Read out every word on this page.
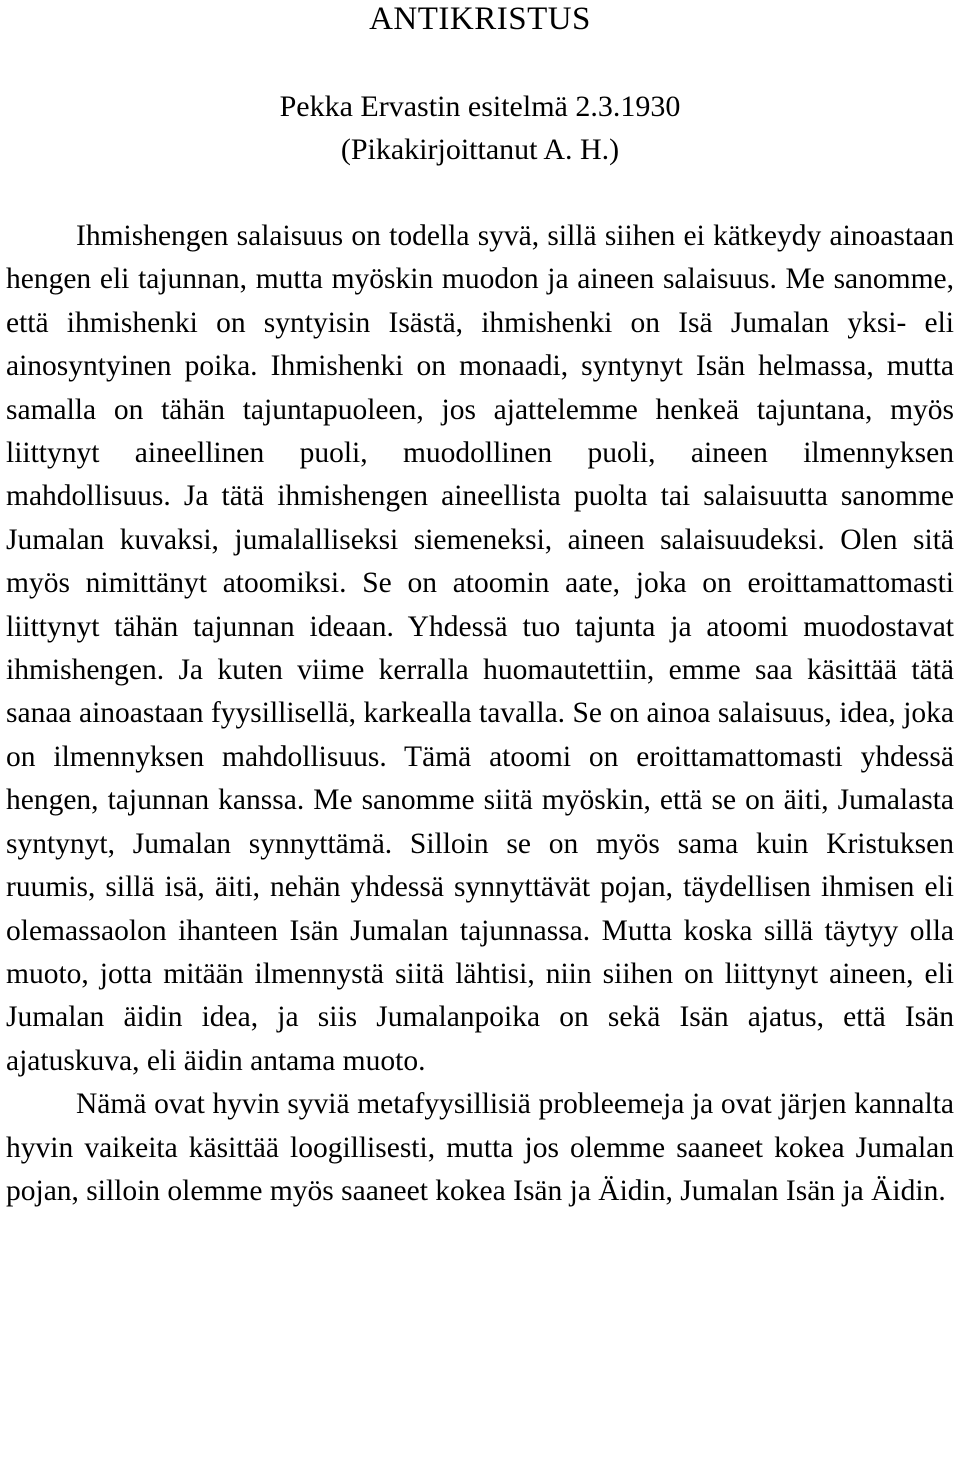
ANTIKRISTUS
Pekka Ervastin esitelmä 2.3.1930
(Pikakirjoittanut A. H.)

Ihmishengen salaisuus on todella syvä, sillä siihen ei kätkeydy ainoastaan hengen eli tajunnan, mutta myöskin muodon ja aineen salaisuus. Me sanomme, että ihmishenki on syntyisin Isästä, ihmishenki on Isä Jumalan yksi- eli ainosyntyinen poika. Ihmishenki on monaadi, syntynyt Isän helmassa, mutta samalla on tähän tajuntapuoleen, jos ajattelemme henkeä tajuntana, myös liittynyt aineellinen puoli, muodollinen puoli, aineen ilmennyksen mahdollisuus. Ja tätä ihmishengen aineellista puolta tai salaisuutta sanomme Jumalan kuvaksi, jumalalliseksi siemeneksi, aineen salaisuudeksi. Olen sitä myös nimittänyt atoomiksi. Se on atoomin aate, joka on eroittamattomasti liittynyt tähän tajunnan ideaan. Yhdessä tuo tajunta ja atoomi muodostavat ihmishengen. Ja kuten viime kerralla huomautettiin, emme saa käsittää tätä sanaa ainoastaan fyysillisellä, karkealla tavalla. Se on ainoa salaisuus, idea, joka on ilmennyksen mahdollisuus. Tämä atoomi on eroittamattomasti yhdessä hengen, tajunnan kanssa. Me sanomme siitä myöskin, että se on äiti, Jumalasta syntynyt, Jumalan synnyttämä. Silloin se on myös sama kuin Kristuksen ruumis, sillä isä, äiti, nehän yhdessä synnyttävät pojan, täydellisen ihmisen eli olemassaolon ihanteen Isän Jumalan tajunnassa. Mutta koska sillä täytyy olla muoto, jotta mitään ilmennystä siitä lähtisi, niin siihen on liittynyt aineen, eli Jumalan äidin idea, ja siis Jumalanpoika on sekä Isän ajatus, että Isän ajatuskuva, eli äidin antama muoto.

Nämä ovat hyvin syviä metafyysillisiä probleemeja ja ovat järjen kannalta hyvin vaikeita käsittää loogillisesti, mutta jos olemme saaneet kokea Jumalan pojan, silloin olemme myös saaneet kokea Isän ja Äidin, Jumalan Isän ja Äidin.
